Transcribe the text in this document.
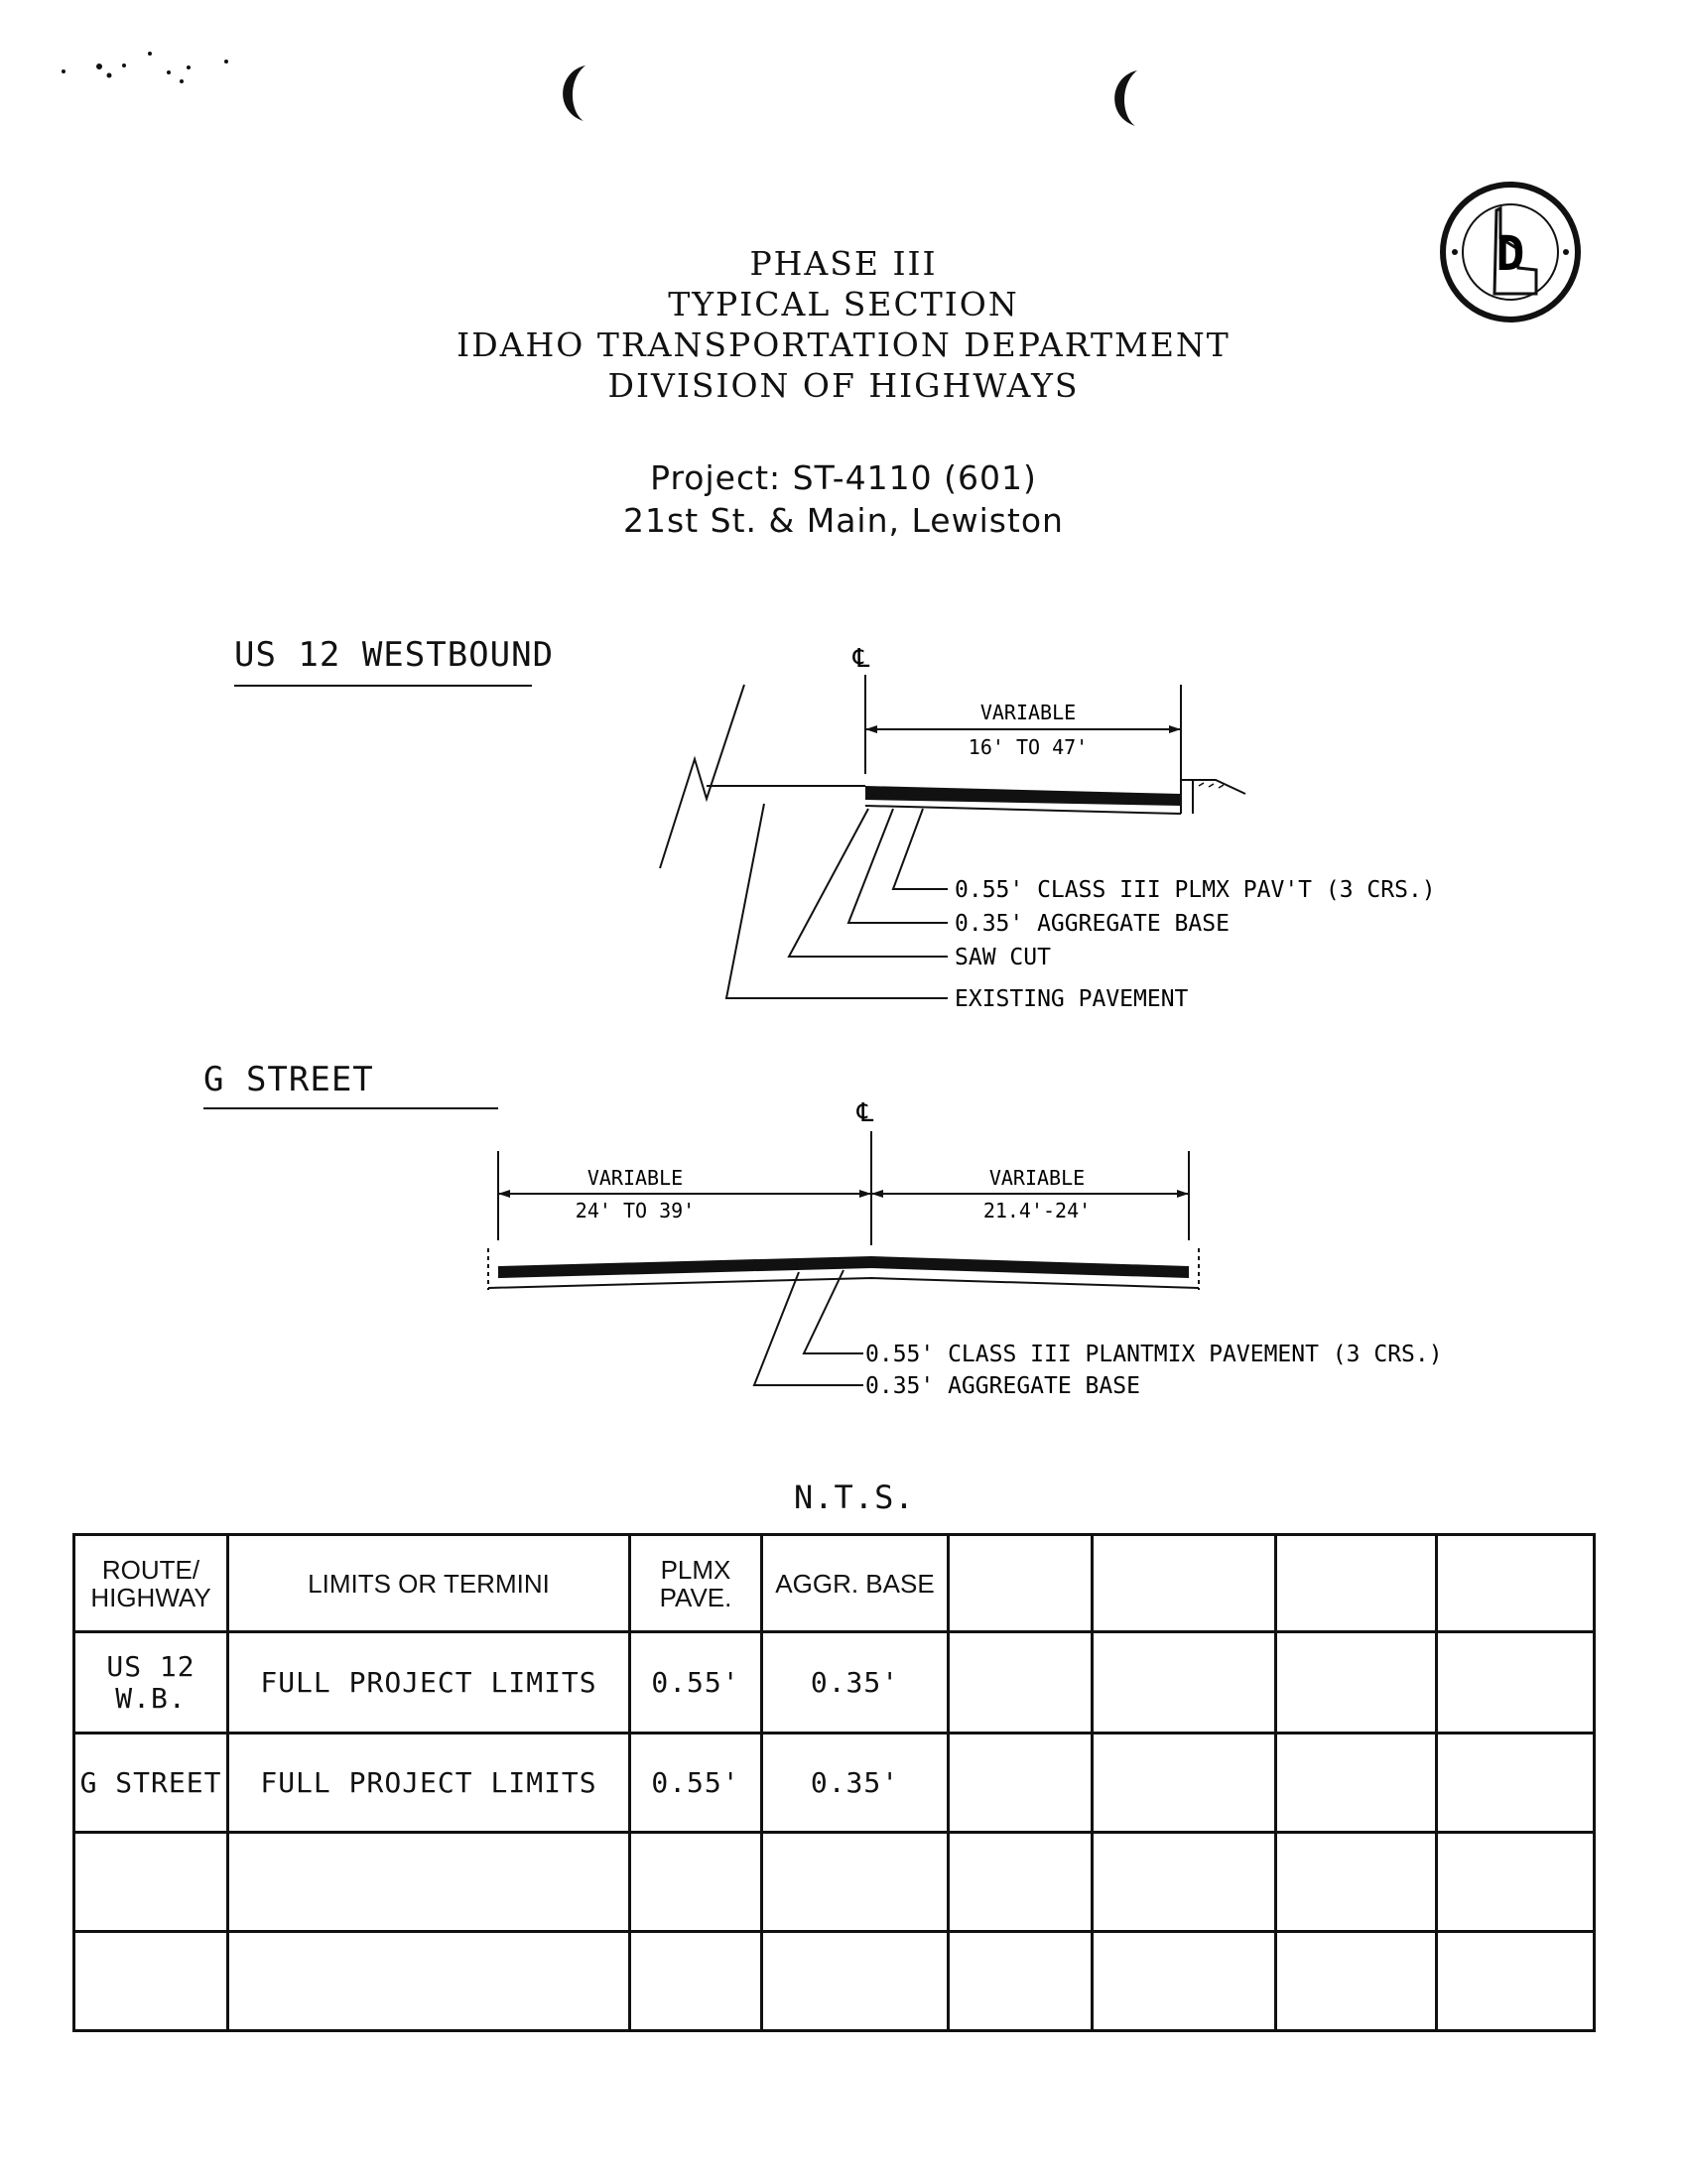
D
PHASE III
TYPICAL SECTION
IDAHO TRANSPORTATION DEPARTMENT
DIVISION OF HIGHWAYS
Project: ST-4110 (601)
21st St. & Main, Lewiston
US 12 WESTBOUND	℄
VARIABLE
16' TO 47'
0.55' CLASS III PLMX PAV'T (3 CRS.)
0.35' AGGREGATE BASE
SAW CUT
EXISTING PAVEMENT
G STREET
℄
VARIABLE
24' TO 39'
VARIABLE
21.4'-24'
0.55' CLASS III PLANTMIX PAVEMENT (3 CRS.)
0.35' AGGREGATE BASE
N.T.S.
ROUTE/ HIGHWAY	LIMITS OR TERMINI	PLMX PAVE.	AGGR. BASE				
US 12 W.B.	FULL PROJECT LIMITS	0.55'	0.35'				
G STREET	FULL PROJECT LIMITS	0.55'	0.35'				
